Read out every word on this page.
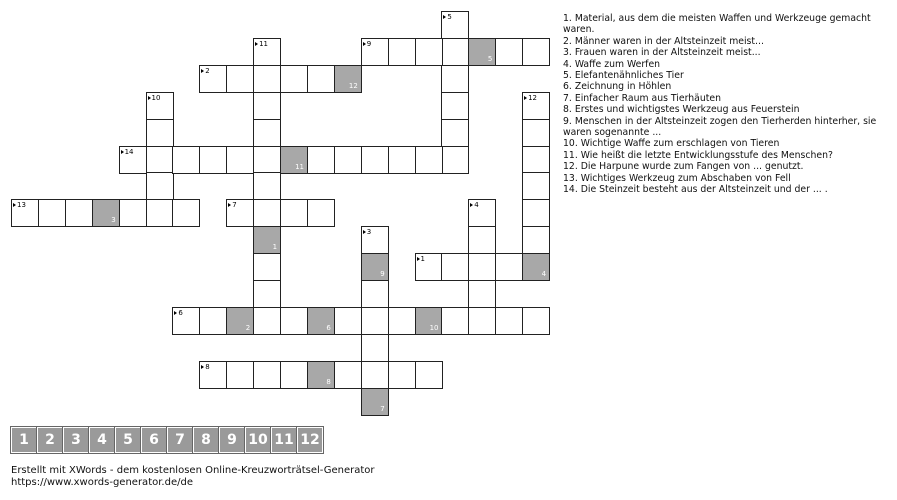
1
4
2
12
3
9
7
4
5
6
2	6	10
7
8
8
9
5
10
11
1
12
13
3
14
11
1. Material, aus dem die meisten Waffen und Werkzeuge gemacht waren.
2. Männer waren in der Altsteinzeit meist...
3. Frauen waren in der Altsteinzeit meist...
4. Waffe zum Werfen
5. Elefantenähnliches Tier
6. Zeichnung in Höhlen
7. Einfacher Raum aus Tierhäuten
8. Erstes und wichtigstes Werkzeug aus Feuerstein
9. Menschen in der Altsteinzeit zogen den Tierherden hinterher, sie waren sogenannte ...
10. Wichtige Waffe zum erschlagen von Tieren
11. Wie heißt die letzte Entwicklungsstufe des Menschen?
12. Die Harpune wurde zum Fangen von ... genutzt.
13. Wichtiges Werkzeug zum Abschaben von Fell
14. Die Steinzeit besteht aus der Altsteinzeit und der ... .
1	2	3	4	5	6	7	8	9 10 11 12
Erstellt mit XWords - dem kostenlosen Online-Kreuzworträtsel-Generator
https://www.xwords-generator.de/de
